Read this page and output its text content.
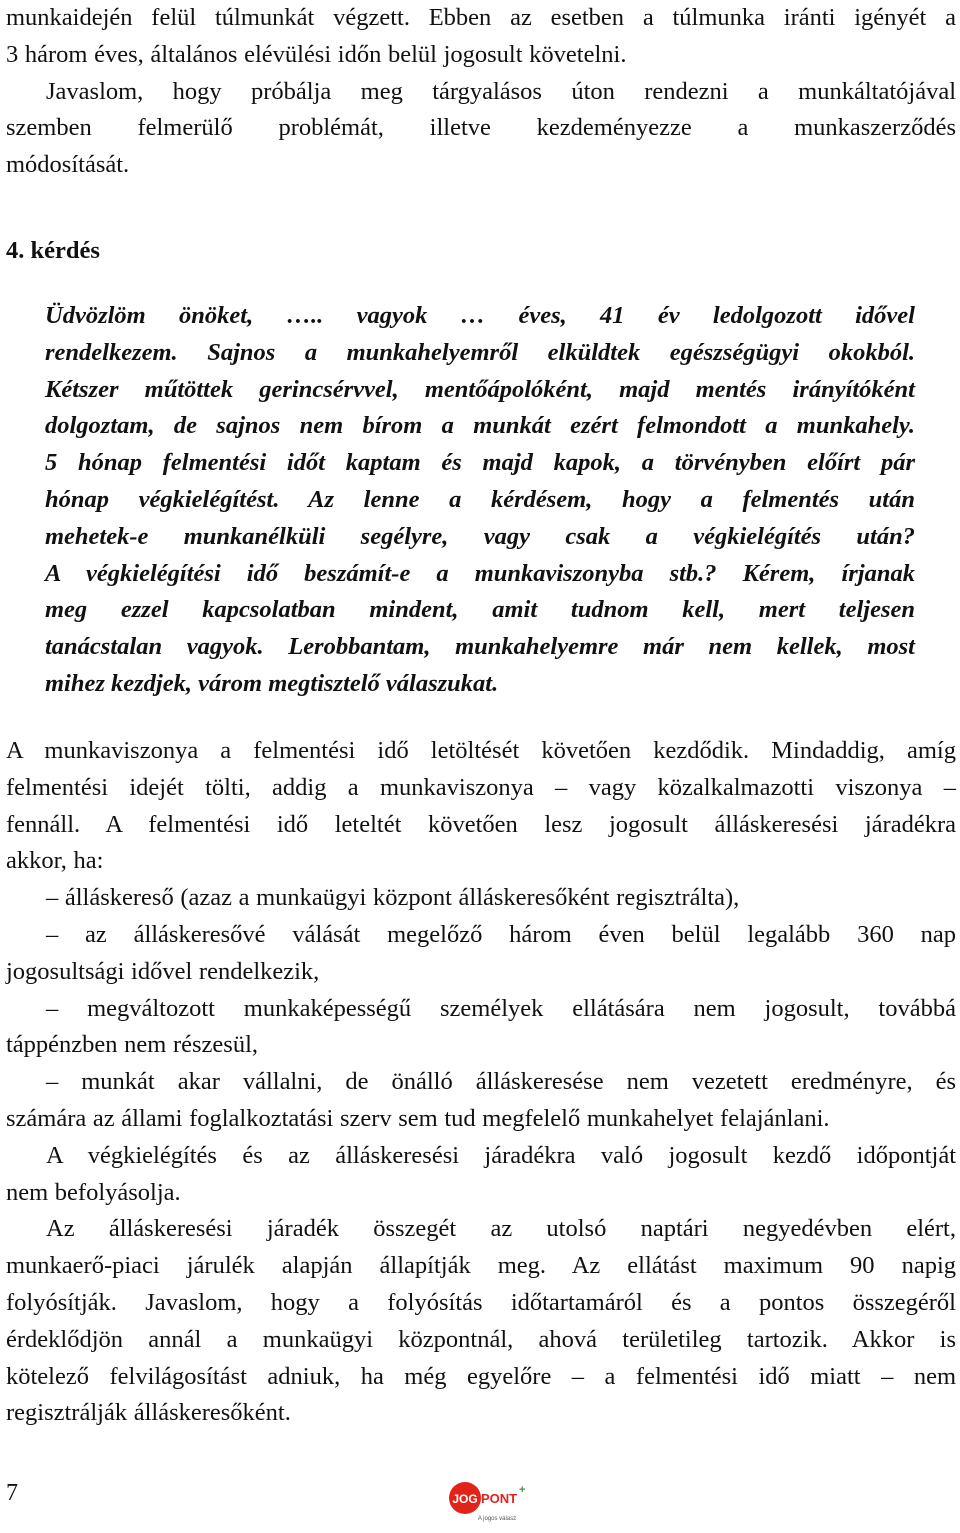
munkaidején felül túlmunkát végzett. Ebben az esetben a túlmunka iránti igényét a
3 három éves, általános elévülési időn belül jogosult követelni.
Javaslom, hogy próbálja meg tárgyalásos úton rendezni a munkáltatójával
szemben felmerülő problémát, illetve kezdeményezze a munkaszerződés
módosítását.
4. kérdés
Üdvözlöm önöket, ….. vagyok … éves, 41 év ledolgozott idővel
rendelkezem. Sajnos a munkahelyemről elküldtek egészségügyi okokból.
Kétszer műtöttek gerincsérvvel, mentőápolóként, majd mentés irányítóként
dolgoztam, de sajnos nem bírom a munkát ezért felmondott a munkahely.
5 hónap felmentési időt kaptam és majd kapok, a törvényben előírt pár
hónap végkielégítést. Az lenne a kérdésem, hogy a felmentés után
mehetek-e munkanélküli segélyre, vagy csak a végkielégítés után?
A végkielégítési idő beszámít-e a munkaviszonyba stb.? Kérem, írjanak
meg ezzel kapcsolatban mindent, amit tudnom kell, mert teljesen
tanácstalan vagyok. Lerobbantam, munkahelyemre már nem kellek, most
mihez kezdjek, várom megtisztelő válaszukat.
A munkaviszonya a felmentési idő letöltését követően kezdődik. Mindaddig, amíg
felmentési idejét tölti, addig a munkaviszonya – vagy közalkalmazotti viszonya –
fennáll. A felmentési idő leteltét követően lesz jogosult álláskeresési járadékra
akkor, ha:
– álláskereső (azaz a munkaügyi központ álláskeresőként regisztrálta),
– az álláskeresővé válását megelőző három éven belül legalább 360 nap
jogosultsági idővel rendelkezik,
– megváltozott munkaképességű személyek ellátására nem jogosult, továbbá
táppénzben nem részesül,
– munkát akar vállalni, de önálló álláskeresése nem vezetett eredményre, és
számára az állami foglalkoztatási szerv sem tud megfelelő munkahelyet felajánlani.
A végkielégítés és az álláskeresési járadékra való jogosult kezdő időpontját
nem befolyásolja.
Az álláskeresési járadék összegét az utolsó naptári negyedévben elért,
munkaerő-piaci járulék alapján állapítják meg. Az ellátást maximum 90 napig
folyósítják. Javaslom, hogy a folyósítás időtartamáról és a pontos összegéről
érdeklődjön annál a munkaügyi központnál, ahová területileg tartozik. Akkor is
kötelező felvilágosítást adniuk, ha még egyelőre – a felmentési idő miatt – nem
regisztrálják álláskeresőként.
7	JOG PONT
+
A jogos válasz
